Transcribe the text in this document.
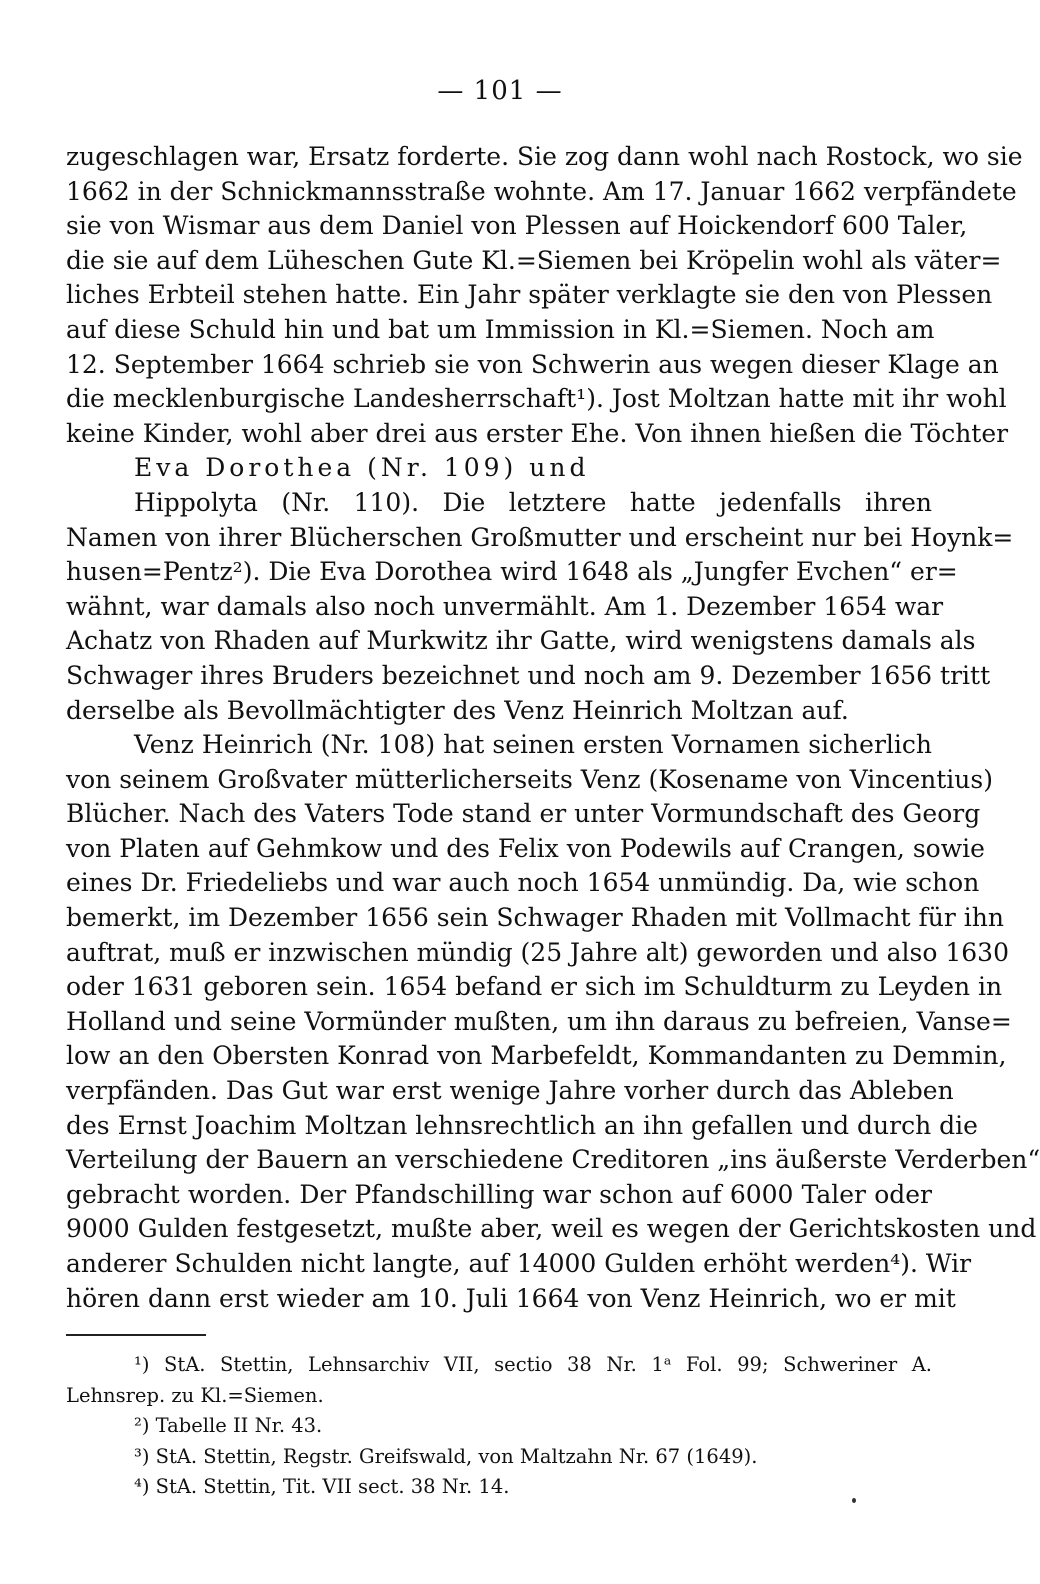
— 101 —
zugeschlagen war, Ersatz forderte. Sie zog dann wohl nach Rostock, wo sie
1662 in der Schnickmannsstraße wohnte. Am 17. Januar 1662 verpfändete
sie von Wismar aus dem Daniel von Plessen auf Hoickendorf 600 Taler,
die sie auf dem Lüheschen Gute Kl.=Siemen bei Kröpelin wohl als väter=
liches Erbteil stehen hatte. Ein Jahr später verklagte sie den von Plessen
auf diese Schuld hin und bat um Immission in Kl.=Siemen. Noch am
12. September 1664 schrieb sie von Schwerin aus wegen dieser Klage an
die mecklenburgische Landesherrschaft¹). Jost Moltzan hatte mit ihr wohl
keine Kinder, wohl aber drei aus erster Ehe. Von ihnen hießen die Töchter
Eva Dorothea (Nr. 109) und
Hippolyta (Nr. 110). Die letztere hatte jedenfalls ihren
Namen von ihrer Blücherschen Großmutter und erscheint nur bei Hoynk=
husen=Pentz²). Die Eva Dorothea wird 1648 als „Jungfer Evchen“ er=
wähnt, war damals also noch unvermählt. Am 1. Dezember 1654 war
Achatz von Rhaden auf Murkwitz ihr Gatte, wird wenigstens damals als
Schwager ihres Bruders bezeichnet und noch am 9. Dezember 1656 tritt
derselbe als Bevollmächtigter des Venz Heinrich Moltzan auf.
Venz Heinrich (Nr. 108) hat seinen ersten Vornamen sicherlich
von seinem Großvater mütterlicherseits Venz (Kosename von Vincentius)
Blücher. Nach des Vaters Tode stand er unter Vormundschaft des Georg
von Platen auf Gehmkow und des Felix von Podewils auf Crangen, sowie
eines Dr. Friedeliebs und war auch noch 1654 unmündig. Da, wie schon
bemerkt, im Dezember 1656 sein Schwager Rhaden mit Vollmacht für ihn
auftrat, muß er inzwischen mündig (25 Jahre alt) geworden und also 1630
oder 1631 geboren sein. 1654 befand er sich im Schuldturm zu Leyden in
Holland und seine Vormünder mußten, um ihn daraus zu befreien, Vanse=
low an den Obersten Konrad von Marbefeldt, Kommandanten zu Demmin,
verpfänden. Das Gut war erst wenige Jahre vorher durch das Ableben
des Ernst Joachim Moltzan lehnsrechtlich an ihn gefallen und durch die
Verteilung der Bauern an verschiedene Creditoren „ins äußerste Verderben“
gebracht worden. Der Pfandschilling war schon auf 6000 Taler oder
9000 Gulden festgesetzt, mußte aber, weil es wegen der Gerichtskosten und
anderer Schulden nicht langte, auf 14000 Gulden erhöht werden⁴). Wir
hören dann erst wieder am 10. Juli 1664 von Venz Heinrich, wo er mit
¹) StA. Stettin, Lehnsarchiv VII, sectio 38 Nr. 1ᵃ Fol. 99; Schweriner A.
Lehnsrep. zu Kl.=Siemen.
²) Tabelle II Nr. 43.
³) StA. Stettin, Regstr. Greifswald, von Maltzahn Nr. 67 (1649).
⁴) StA. Stettin, Tit. VII sect. 38 Nr. 14.
